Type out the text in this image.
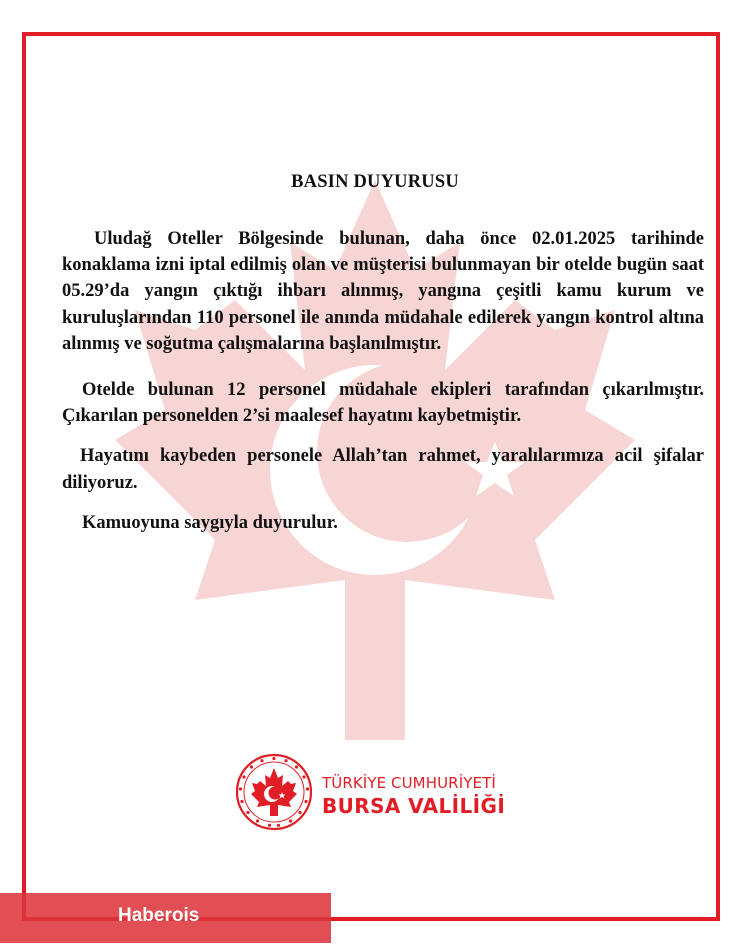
BASIN DUYURUSU

Uludağ Oteller Bölgesinde bulunan, daha önce 02.01.2025 tarihinde konaklama izni iptal edilmiş olan ve müşterisi bulunmayan bir otelde bugün saat 05.29’da yangın çıktığı ihbarı alınmış, yangına çeşitli kamu kurum ve kuruluşlarından 110 personel ile anında müdahale edilerek yangın kontrol altına alınmış ve soğutma çalışmalarına başlanılmıştır.

Otelde bulunan 12 personel müdahale ekipleri tarafından çıkarılmıştır. Çıkarılan personelden 2’si maalesef hayatını kaybetmiştir.

Hayatını kaybeden personele Allah’tan rahmet, yaralılarımıza acil şifalar diliyoruz.

Kamuoyuna saygıyla duyurulur.

TÜRKİYE CUMHURİYETİ
BURSA VALİLİĞİ
Haberois
